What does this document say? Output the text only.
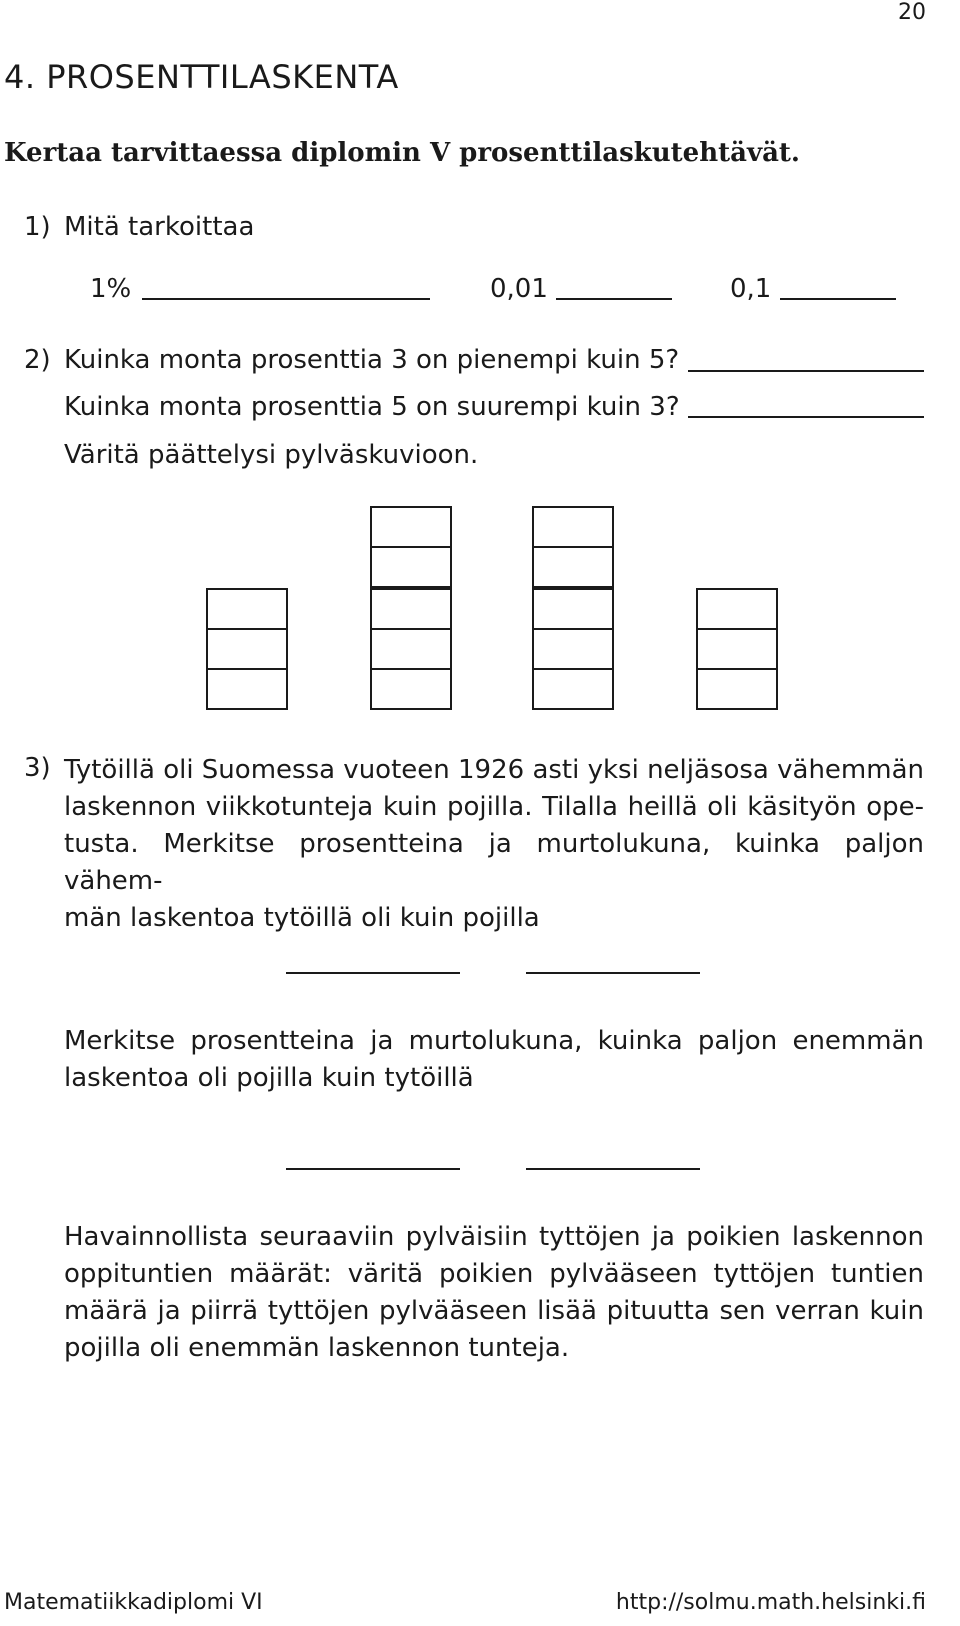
20
4. PROSENTTILASKENTA
Kertaa tarvittaessa diplomin V prosenttilaskutehtävät.
1) Mitä tarkoittaa
1%	0,01	0,1
2) Kuinka monta prosenttia 3 on pienempi kuin 5?
Kuinka monta prosenttia 5 on suurempi kuin 3?
Väritä päättelysi pylväskuvioon.
3) Tytöillä oli Suomessa vuoteen 1926 asti yksi neljäsosa vähemmän
laskennon viikkotunteja kuin pojilla. Tilalla heillä oli käsityön ope-
tusta. Merkitse prosentteina ja murtolukuna, kuinka paljon vähem-
män laskentoa tytöillä oli kuin pojilla
Merkitse prosentteina ja murtolukuna, kuinka paljon enemmän
laskentoa oli pojilla kuin tytöillä
Havainnollista seuraaviin pylväisiin tyttöjen ja poikien laskennon
oppituntien määrät: väritä poikien pylvääseen tyttöjen tuntien
määrä ja piirrä tyttöjen pylvääseen lisää pituutta sen verran kuin
pojilla oli enemmän laskennon tunteja.
Matematiikkadiplomi VI	http://solmu.math.helsinki.fi
